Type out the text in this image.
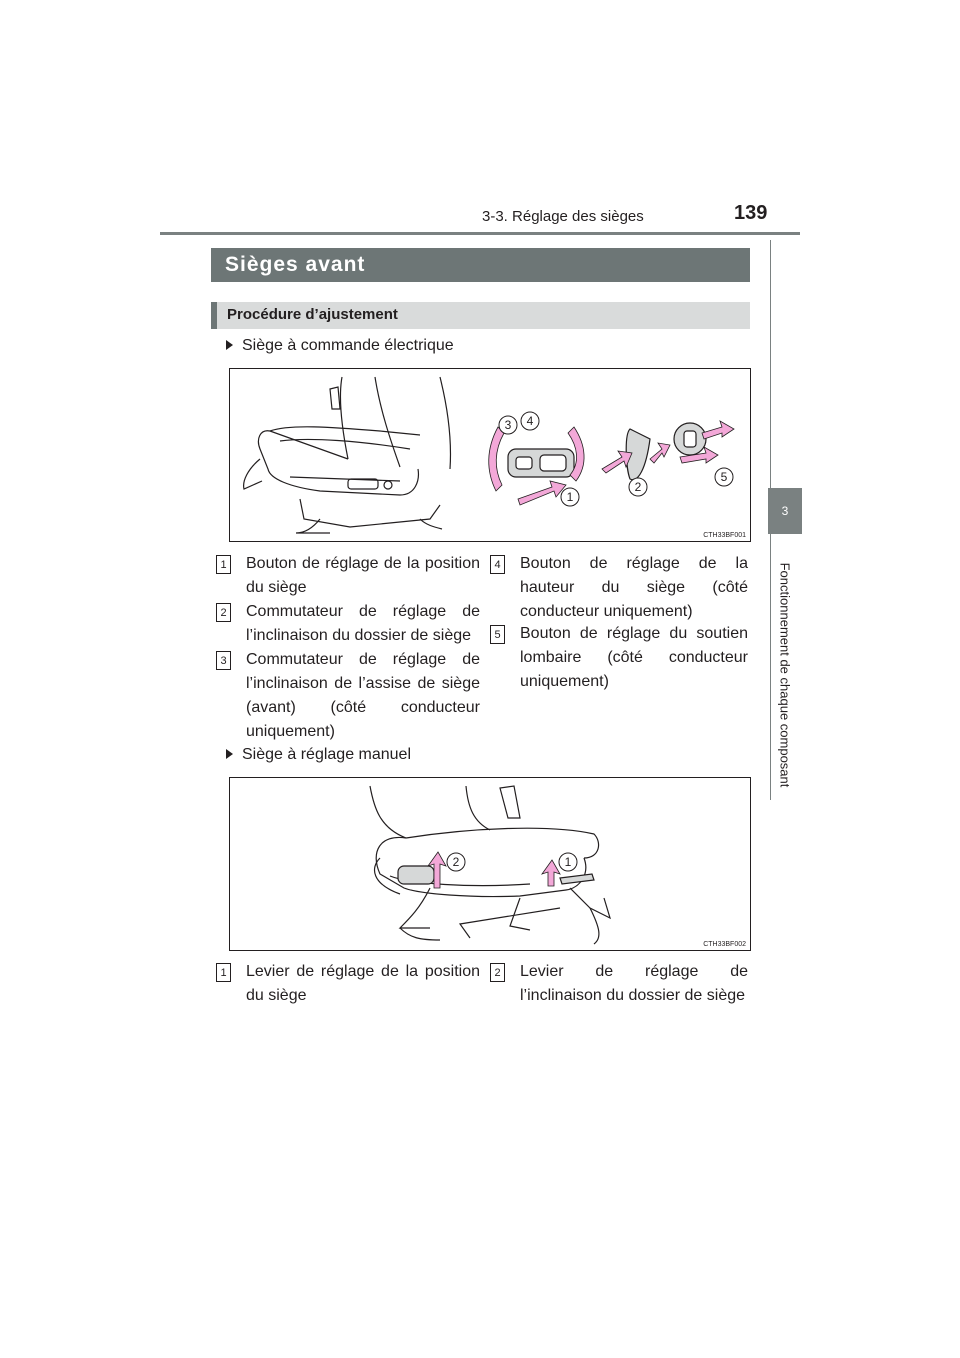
3-3. Réglage des sièges	139
3
Fonctionnement de chaque composant
Sièges avant
Procédure d’ajustement
Siège à commande électrique
3 4
1
2
5
CTH33BF001
1 Bouton de réglage de la position du siège
2 Commutateur de réglage de l’inclinaison du dossier de siège
3 Commutateur de réglage de l’inclinaison de l’assise de siège (avant) (côté conducteur uniquement)
4 Bouton de réglage de la hauteur du siège (côté conducteur uniquement)
5 Bouton de réglage du soutien lombaire (côté conducteur uniquement)
Siège à réglage manuel
2	1
CTH33BF002
1 Levier de réglage de la position du siège
2 Levier de réglage de l’inclinaison du dossier de siège
